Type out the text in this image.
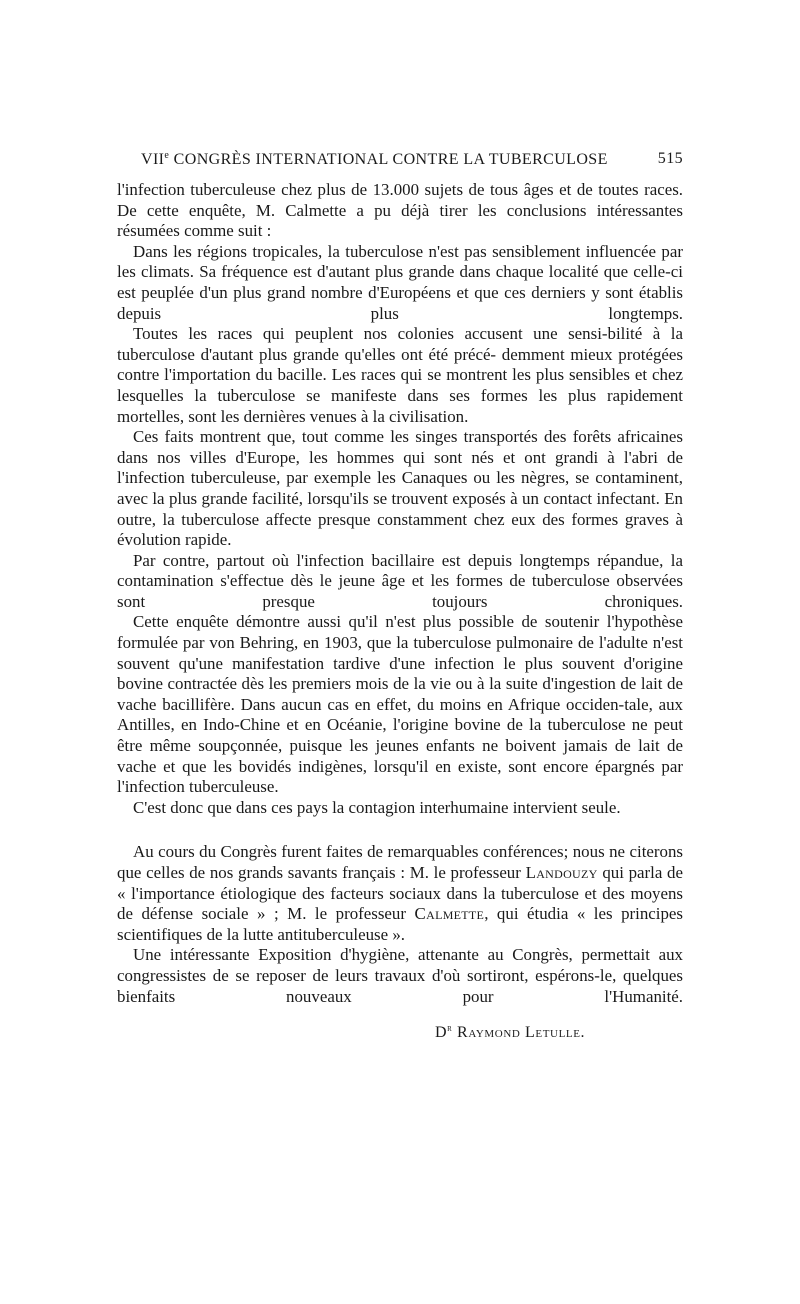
VIIe CONGRÈS INTERNATIONAL CONTRE LA TUBERCULOSE	515

l'infection tuberculeuse chez plus de 13.000 sujets de tous âges et de toutes races. De cette enquête, M. Calmette a pu déjà tirer les conclusions intéressantes résumées comme suit :

Dans les régions tropicales, la tuberculose n'est pas sensiblement influencée par les climats. Sa fréquence est d'autant plus grande dans chaque localité que celle-ci est peuplée d'un plus grand nombre d'Européens et que ces derniers y sont établis depuis plus longtemps.

Toutes les races qui peuplent nos colonies accusent une sensi-bilité à la tuberculose d'autant plus grande qu'elles ont été précé- demment mieux protégées contre l'importation du bacille. Les races qui se montrent les plus sensibles et chez lesquelles la tuberculose se manifeste dans ses formes les plus rapidement mortelles, sont les dernières venues à la civilisation.

Ces faits montrent que, tout comme les singes transportés des forêts africaines dans nos villes d'Europe, les hommes qui sont nés et ont grandi à l'abri de l'infection tuberculeuse, par exemple les Canaques ou les nègres, se contaminent, avec la plus grande facilité, lorsqu'ils se trouvent exposés à un contact infectant. En outre, la tuberculose affecte presque constamment chez eux des formes graves à évolution rapide.

Par contre, partout où l'infection bacillaire est depuis longtemps répandue, la contamination s'effectue dès le jeune âge et les formes de tuberculose observées sont presque toujours chroniques.

Cette enquête démontre aussi qu'il n'est plus possible de soutenir l'hypothèse formulée par von Behring, en 1903, que la tuberculose pulmonaire de l'adulte n'est souvent qu'une manifestation tardive d'une infection le plus souvent d'origine bovine contractée dès les premiers mois de la vie ou à la suite d'ingestion de lait de vache bacillifère. Dans aucun cas en effet, du moins en Afrique occiden-tale, aux Antilles, en Indo-Chine et en Océanie, l'origine bovine de la tuberculose ne peut être même soupçonnée, puisque les jeunes enfants ne boivent jamais de lait de vache et que les bovidés indigènes, lorsqu'il en existe, sont encore épargnés par l'infection tuberculeuse.

C'est donc que dans ces pays la contagion interhumaine intervient seule.

Au cours du Congrès furent faites de remarquables conférences; nous ne citerons que celles de nos grands savants français : M. le professeur Landouzy qui parla de « l'importance étiologique des facteurs sociaux dans la tuberculose et des moyens de défense sociale » ; M. le professeur Calmette, qui étudia « les principes scientifiques de la lutte antituberculeuse ».

Une intéressante Exposition d'hygiène, attenante au Congrès, permettait aux congressistes de se reposer de leurs travaux d'où sortiront, espérons-le, quelques bienfaits nouveaux pour l'Humanité.

$D^r$ Raymond Letulle.
